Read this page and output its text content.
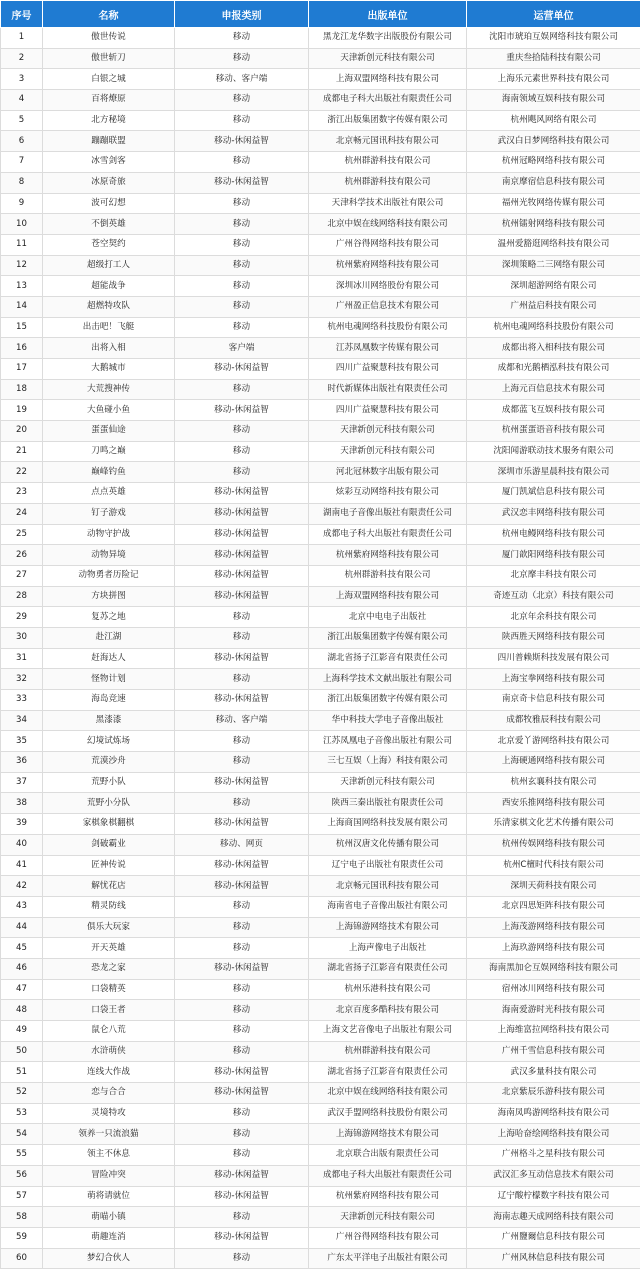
序号	名称	申报类别	出版单位	运营单位
1	傲世传说	移动	黑龙江龙华数字出版股份有限公司	沈阳市琥珀互娱网络科技有限公司
2	傲世斩刀	移动	天津新创元科技有限公司	重庆叁拾陆科技有限公司
3	白银之城	移动、客户端	上海双盟网络科技有限公司	上海乐元素世界科技有限公司
4	百将燎原	移动	成都电子科大出版社有限责任公司	海南领域互娱科技有限公司
5	北方秘境	移动	浙江出版集团数字传媒有限公司	杭州飓风网络有限公司
6	蹦蹦联盟	移动-休闲益智	北京畅元国讯科技有限公司	武汉白日梦网络科技有限公司
7	冰雪剑客	移动	杭州群游科技有限公司	杭州冠略网络科技有限公司
8	冰原奇旅	移动-休闲益智	杭州群游科技有限公司	南京摩宿信息科技有限公司
9	波可幻想	移动	天津科学技术出版社有限公司	福州光牧网络传媒有限公司
10	不倒英雄	移动	北京中娱在线网络科技有限公司	杭州镭射网络科技有限公司
11	苍空契约	移动	广州谷得网络科技有限公司	温州爱豁逛网络科技有限公司
12	超级打工人	移动	杭州紫府网络科技有限公司	深圳策略二三网络有限公司
13	超能战争	移动	深圳冰川网络股份有限公司	深圳超游网络有限公司
14	超燃特攻队	移动	广州盈正信息技术有限公司	广州益启科技有限公司
15	出击吧！飞艇	移动	杭州电魂网络科技股份有限公司	杭州电魂网络科技股份有限公司
16	出将入相	客户端	江苏凤凰数字传媒有限公司	成都出将入相科技有限公司
17	大鹅城市	移动-休闲益智	四川广益聚慧科技有限公司	成都和光鹅栖泓科技有限公司
18	大荒搜神传	移动	时代新媒体出版社有限责任公司	上海元百信息技术有限公司
19	大鱼碰小鱼	移动-休闲益智	四川广益聚慧科技有限公司	成都蓝飞互娱科技有限公司
20	蛋蛋仙途	移动	天津新创元科技有限公司	杭州蛋蛋语音科技有限公司
21	刀鸣之巅	移动	天津新创元科技有限公司	沈阳闻游联动技术服务有限公司
22	巅峰钓鱼	移动	河北冠林数字出版有限公司	深圳市乐游星晨科技有限公司
23	点点英雄	移动-休闲益智	炫彩互动网络科技有限公司	厦门凯斌信息科技有限公司
24	钉子游戏	移动-休闲益智	湖南电子音像出版社有限责任公司	武汉恋丰网络科技有限公司
25	动物守护战	移动-休闲益智	成都电子科大出版社有限责任公司	杭州电鳗网络科技有限公司
26	动物异境	移动-休闲益智	杭州紫府网络科技有限公司	厦门歆阳网络科技有限公司
27	动物勇者历险记	移动-休闲益智	杭州群游科技有限公司	北京摩丰科技有限公司
28	方块拼图	移动-休闲益智	上海双盟网络科技有限公司	奇迹互动（北京）科技有限公司
29	复苏之地	移动	北京中电电子出版社	北京年余科技有限公司
30	赴江湖	移动	浙江出版集团数字传媒有限公司	陕西胜天网络科技有限公司
31	赶海达人	移动-休闲益智	湖北省扬子江影音有限责任公司	四川普赖斯科技发展有限公司
32	怪物计划	移动	上海科学技术文献出版社有限公司	上海宝拳网络科技有限公司
33	海岛竞速	移动-休闲益智	浙江出版集团数字传媒有限公司	南京奇卡信息科技有限公司
34	黑漆漆	移动、客户端	华中科技大学电子音像出版社	成都牧雅辰科技有限公司
35	幻境试炼场	移动	江苏凤凰电子音像出版社有限公司	北京爱丫游网络科技有限公司
36	荒漠沙舟	移动	三七互娱（上海）科技有限公司	上海硬通网络科技有限公司
37	荒野小队	移动-休闲益智	天津新创元科技有限公司	杭州玄襄科技有限公司
38	荒野小分队	移动	陕西三秦出版社有限责任公司	西安乐推网络科技有限公司
39	家棋象棋翻棋	移动-休闲益智	上海商国网络科技发展有限公司	乐清家棋文化艺术传播有限公司
40	剑破霸业	移动、网页	杭州汉唐文化传播有限公司	杭州传娱网络科技有限公司
41	匠神传说	移动-休闲益智	辽宁电子出版社有限责任公司	杭州C檀时代科技有限公司
42	解忧花店	移动-休闲益智	北京畅元国讯科技有限公司	深圳天荷科技有限公司
43	精灵防线	移动	海南省电子音像出版社有限公司	北京四思矩阵科技有限公司
44	俱乐大玩家	移动	上海锦游网络技术有限公司	上海茂游网络科技有限公司
45	开天英雄	移动	上海声像电子出版社	上海玖游网络科技有限公司
46	恐龙之家	移动-休闲益智	湖北省扬子江影音有限责任公司	海南黑加仑互娱网络科技有限公司
47	口袋精英	移动	杭州乐港科技有限公司	宿州冰川网络科技有限公司
48	口袋王者	移动	北京百度多酷科技有限公司	海南爱游时光科技有限公司
49	鼠仑八荒	移动	上海文艺音像电子出版社有限公司	上海维富拉网络科技有限公司
50	水浒萌侠	移动	杭州群游科技有限公司	广州千雪信息科技有限公司
51	连线大作战	移动-休闲益智	湖北省扬子江影音有限责任公司	武汉多量科技有限公司
52	恋与合合	移动-休闲益智	北京中娱在线网络科技有限公司	北京紫辰乐游科技有限公司
53	灵境特攻	移动	武汉手盟网络科技股份有限公司	海南凤鸣游网络科技有限公司
54	领养一只流浪猫	移动	上海锦游网络技术有限公司	上海哈奋绘网络科技有限公司
55	领主不休息	移动	北京联合出版有限责任公司	广州格斗之星科技有限公司
56	冒险冲突	移动-休闲益智	成都电子科大出版社有限责任公司	武汉汇多互动信息技术有限公司
57	萌将请就位	移动-休闲益智	杭州紫府网络科技有限公司	辽宁酸柠檬数字科技有限公司
58	萌喵小镇	移动	天津新创元科技有限公司	海南志趣天成网络科技有限公司
59	萌趣连消	移动-休闲益智	广州谷得网络科技有限公司	广州鹽爾信息科技有限公司
60	梦幻合伙人	移动	广东太平洋电子出版社有限公司	广州风林信息科技有限公司
